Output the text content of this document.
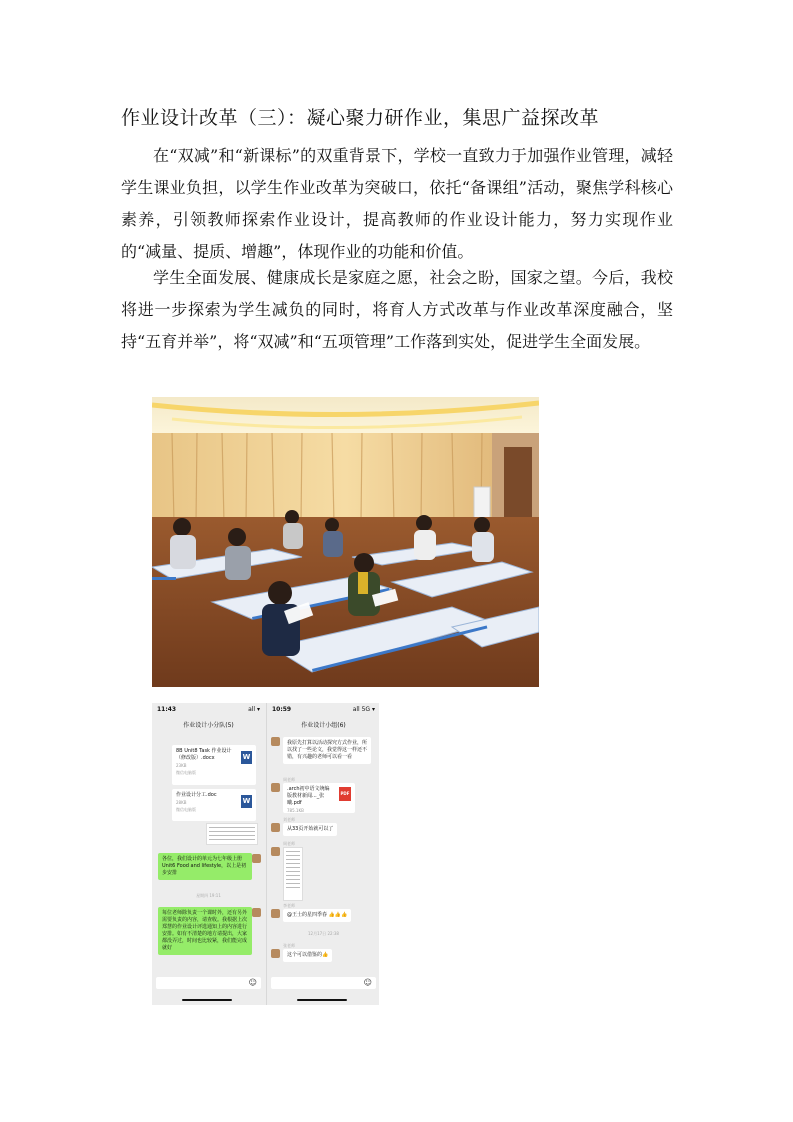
作业设计改革（三）：凝心聚力研作业，集思广益探改革

在“双减”和“新课标”的双重背景下，学校一直致力于加强作业管理，减轻学生课业负担，以学生作业改革为突破口，依托“备课组”活动，聚焦学科核心素养，引领教师探索作业设计，提高教师的作业设计能力，努力实现作业的“减量、提质、增趣”，体现作业的功能和价值。

学生全面发展、健康成长是家庭之愿，社会之盼，国家之望。今后，我校将进一步探索为学生减负的同时，将育人方式改革与作业改革深度融合，坚持“五育并举”，将“双减”和“五项管理”工作落到实处，促进学生全面发展。

11:43	all ▾
作业设计小分队(5)
8B Unit8 Task 作业设计（修改版）.docx
23KB
微信电脑版
W
作业设计分工.doc
28KB
微信电脑版
W
各位，我们设计的单元为七年级上册Unit6 Food and lifestyle，以上是初步安排
星期四 19:11
每位老师除负责一个课时外，还有另外需要负责的内容，请查收。我根据上次郑慧的作业设计评选通知上的内容进行安排。如有不清楚的地方请提出，大家都没弄过，时间也比较紧，我们能完成就好
☺
10:59	all 5G ▾
作业设计小组(6)
我原先打算以活动探究方式作业，所以找了一些论文，我觉得这一样还不错，有兴趣的老师可以看一看
周老师
.arch初中语文统编版教材新闻..._张曦.pdf
785.1KB
PDF
刘老师
从33页开始就可以了
周老师
李老师
@王士的星四季春 👍👍👍
12月17日 22:38
张老师
这个可以借鉴的👍
☺
